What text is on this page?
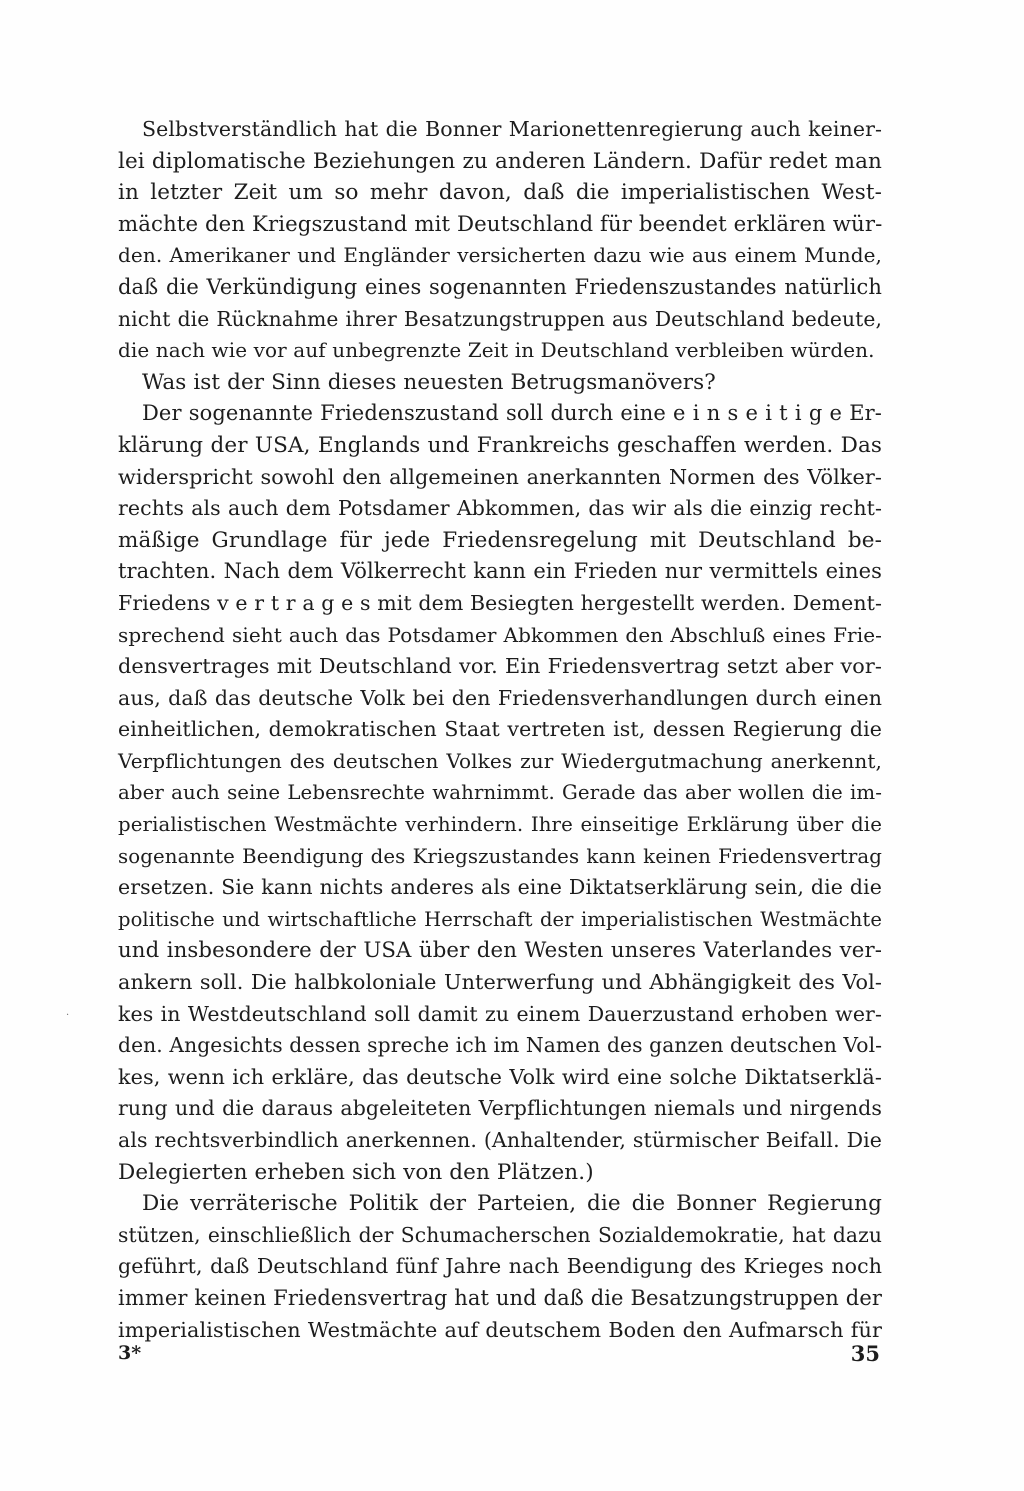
Selbstverständlich hat die Bonner Marionettenregierung auch keiner-
lei diplomatische Beziehungen zu anderen Ländern. Dafür redet man
in letzter Zeit um so mehr davon, daß die imperialistischen West-
mächte den Kriegszustand mit Deutschland für beendet erklären wür-
den. Amerikaner und Engländer versicherten dazu wie aus einem Munde,
daß die Verkündigung eines sogenannten Friedenszustandes natürlich
nicht die Rücknahme ihrer Besatzungstruppen aus Deutschland bedeute,
die nach wie vor auf unbegrenzte Zeit in Deutschland verbleiben würden.
Was ist der Sinn dieses neuesten Betrugsmanövers?
Der sogenannte Friedenszustand soll durch eine e i n s e i t i g e Er-
klärung der USA, Englands und Frankreichs geschaffen werden. Das
widerspricht sowohl den allgemeinen anerkannten Normen des Völker-
rechts als auch dem Potsdamer Abkommen, das wir als die einzig recht-
mäßige Grundlage für jede Friedensregelung mit Deutschland be-
trachten. Nach dem Völkerrecht kann ein Frieden nur vermittels eines
Friedens v e r t r a g e s mit dem Besiegten hergestellt werden. Dement-
sprechend sieht auch das Potsdamer Abkommen den Abschluß eines Frie-
densvertrages mit Deutschland vor. Ein Friedensvertrag setzt aber vor-
aus, daß das deutsche Volk bei den Friedensverhandlungen durch einen
einheitlichen, demokratischen Staat vertreten ist, dessen Regierung die
Verpflichtungen des deutschen Volkes zur Wiedergutmachung anerkennt,
aber auch seine Lebensrechte wahrnimmt. Gerade das aber wollen die im-
perialistischen Westmächte verhindern. Ihre einseitige Erklärung über die
sogenannte Beendigung des Kriegszustandes kann keinen Friedensvertrag
ersetzen. Sie kann nichts anderes als eine Diktatserklärung sein, die die
politische und wirtschaftliche Herrschaft der imperialistischen Westmächte
und insbesondere der USA über den Westen unseres Vaterlandes ver-
ankern soll. Die halbkoloniale Unterwerfung und Abhängigkeit des Vol-
kes in Westdeutschland soll damit zu einem Dauerzustand erhoben wer-
den. Angesichts dessen spreche ich im Namen des ganzen deutschen Vol-
kes, wenn ich erkläre, das deutsche Volk wird eine solche Diktatserklä-
rung und die daraus abgeleiteten Verpflichtungen niemals und nirgends
als rechtsverbindlich anerkennen. (Anhaltender, stürmischer Beifall. Die
Delegierten erheben sich von den Plätzen.)
Die verräterische Politik der Parteien, die die Bonner Regierung
stützen, einschließlich der Schumacherschen Sozialdemokratie, hat dazu
geführt, daß Deutschland fünf Jahre nach Beendigung des Krieges noch
immer keinen Friedensvertrag hat und daß die Besatzungstruppen der
imperialistischen Westmächte auf deutschem Boden den Aufmarsch für
·
3*	35
